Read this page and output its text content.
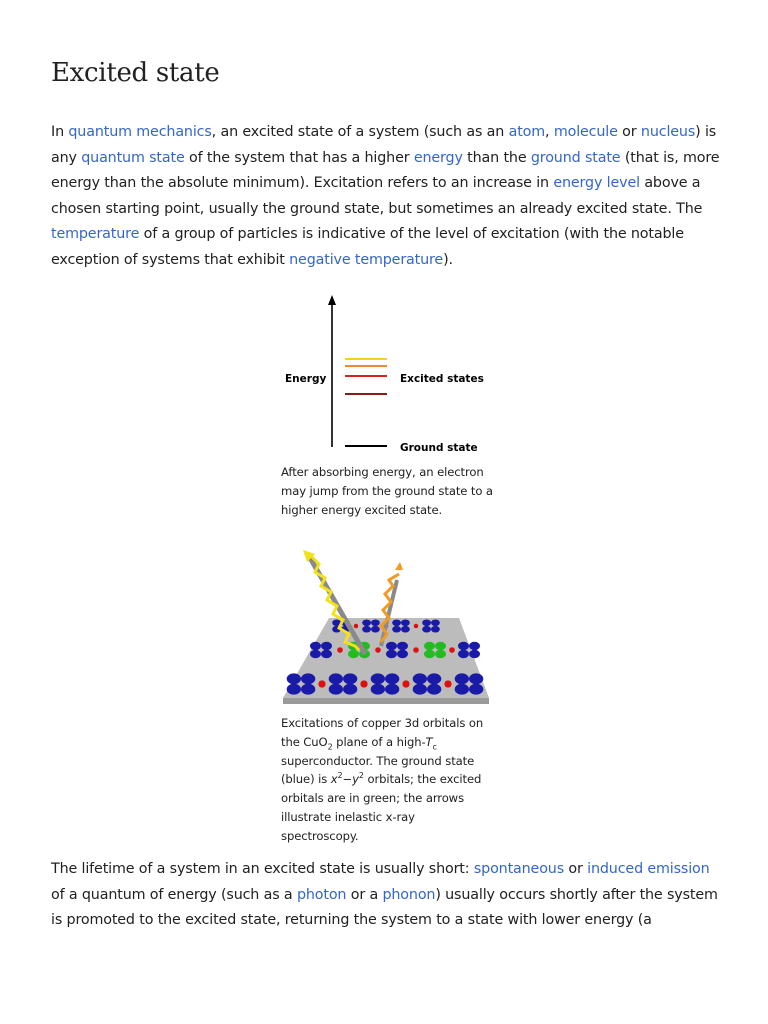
Excited state

In quantum mechanics, an excited state of a system (such as an atom, molecule or nucleus) is any quantum state of the system that has a higher energy than the ground state (that is, more energy than the absolute minimum). Excitation refers to an increase in energy level above a chosen starting point, usually the ground state, but sometimes an already excited state. The temperature of a group of particles is indicative of the level of excitation (with the notable exception of systems that exhibit negative temperature).

Energy	Excited states
Ground state
After absorbing energy, an electron may jump from the ground state to a higher energy excited state.
Excitations of copper 3d orbitals on the CuO$_2$ plane of a high-$T_c$ superconductor. The ground state (blue) is $x^2-y^2$ orbitals; the excited orbitals are in green; the arrows illustrate inelastic x-ray spectroscopy.

The lifetime of a system in an excited state is usually short: spontaneous or induced emission of a quantum of energy (such as a photon or a phonon) usually occurs shortly after the system is promoted to the excited state, returning the system to a state with lower energy (a
